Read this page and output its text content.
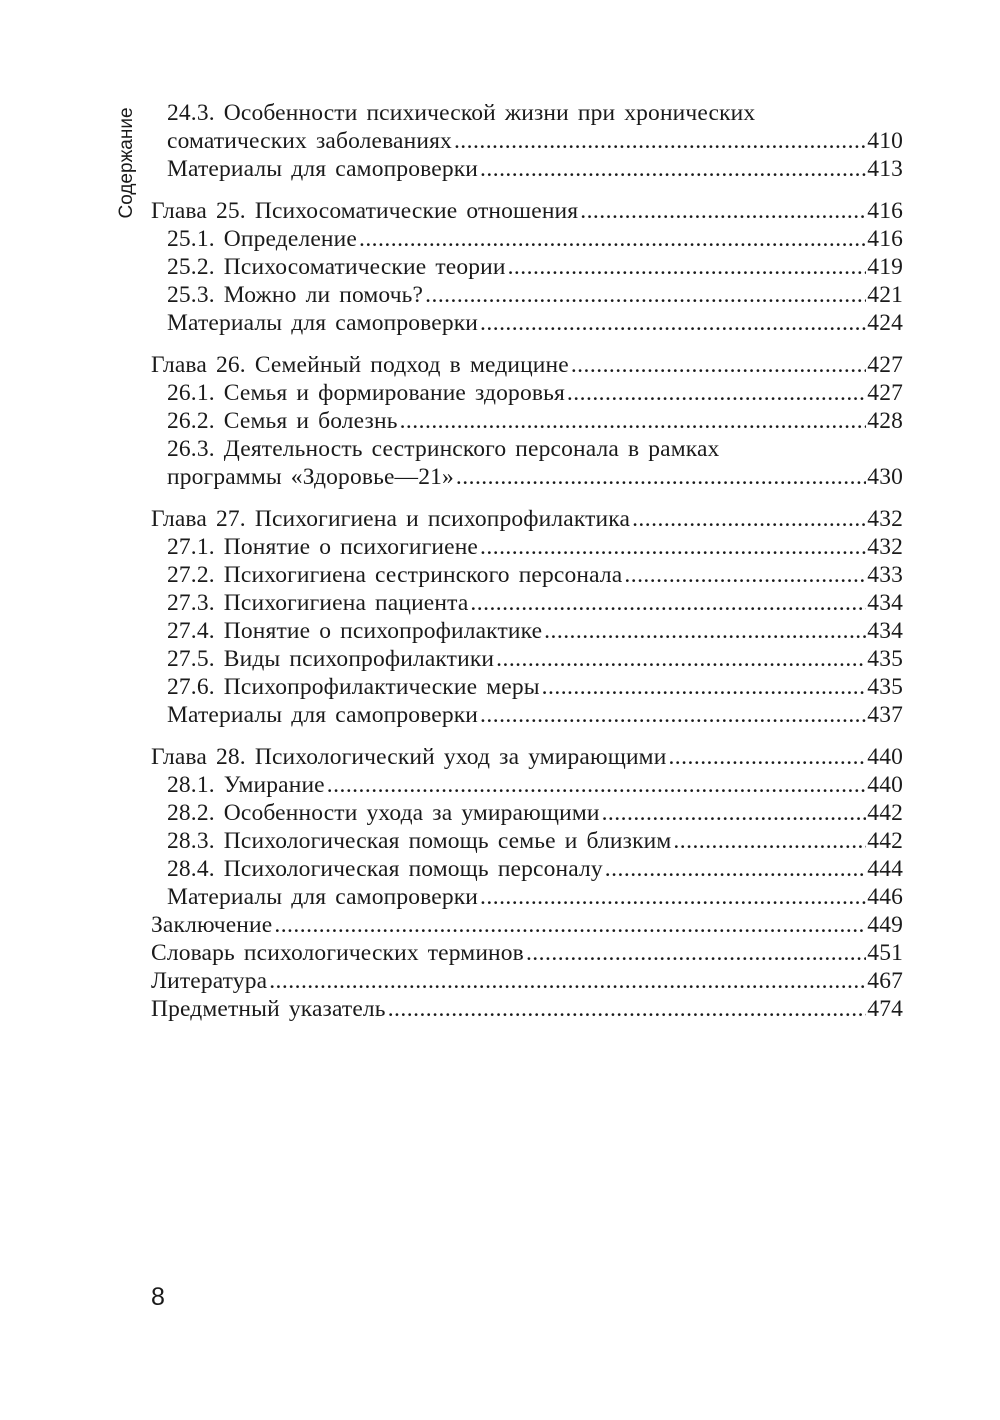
Содержание 24.3. Особенности психической жизни при хронических
соматических заболеваниях . . .	410
Материалы для самопроверки . . .	413
Глава 25. Психосоматические отношения . . .	416
25.1. Определение . . .	416
25.2. Психосоматические теории . . .	419
25.3. Можно ли помочь? . . .	421
Материалы для самопроверки . . .	424
Глава 26. Семейный подход в медицине . . .	427
26.1. Семья и формирование здоровья . . .	427
26.2. Семья и болезнь . . .	428
26.3. Деятельность сестринского персонала в рамках
программы «Здоровье—21» . . .	430
Глава 27. Психогигиена и психопрофилактика . . .	432
27.1. Понятие о психогигиене . . .	432
27.2. Психогигиена сестринского персонала . . .	433
27.3. Психогигиена пациента . . .	434
27.4. Понятие о психопрофилактике . . .	434
27.5. Виды психопрофилактики . . .	435
27.6. Психопрофилактические меры . . .	435
Материалы для самопроверки . . .	437
Глава 28. Психологический уход за умирающими . . .	440
28.1. Умирание . . .	440
28.2. Особенности ухода за умирающими . . .	442
28.3. Психологическая помощь семье и близким . . .	442
28.4. Психологическая помощь персоналу . . .	444
Материалы для самопроверки . . .	446
Заключение . . .	449
Словарь психологических терминов . . .	451
Литература . . .	467
Предметный указатель . . .	474
8
